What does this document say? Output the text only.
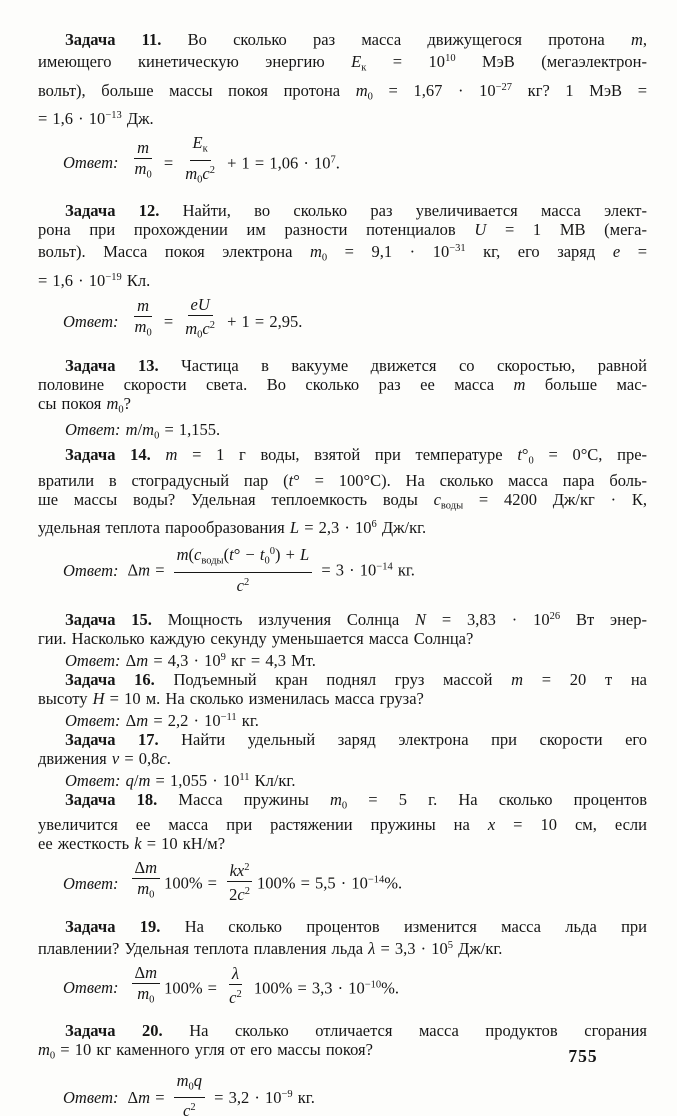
Задача 11. Во сколько раз масса движущегося протона m,
имеющего кинетическую энергию $E_к = 10^{10}$ МэВ (мегаэлектрон-
вольт), больше массы покоя протона $m_0 = 1,67 \cdot 10^{-27}$ кг? 1 МэВ =
= $1,6 \cdot 10^{-13}$ Дж.
Ответ: $\frac{m}{m_0} = \frac{E_к}{m_0c^2} + 1 = 1,06 \cdot 10^7$.
Задача 12. Найти, во сколько раз увеличивается масса элект-
рона при прохождении им разности потенциалов U = 1 МВ (мега-
вольт). Масса покоя электрона $m_0 = 9,1 \cdot 10^{-31}$ кг, его заряд e =
= $1,6 \cdot 10^{-19}$ Кл.
Ответ: $\frac{m}{m_0} = \frac{eU}{m_0c^2} + 1 = 2,95$.
Задача 13. Частица в вакууме движется со скоростью, равной
половине скорости света. Во сколько раз ее масса m больше мас-
сы покоя $m_0$?
Ответ: $m/m_0 = 1,155$.
Задача 14. m = 1 г воды, взятой при температуре $t^\circ_0 = 0^\circ С$, пре-
вратили в стоградусный пар (t° = 100°С). На сколько масса пара боль-
ше массы воды? Удельная теплоемкость воды $c_{воды} = 4200$ Дж/кг · К,
удельная теплота парообразования $L = 2,3 \cdot 10^6$ Дж/кг.
Ответ: $\Delta m = \frac{m(c_{воды}(t^\circ - t_0^0) + L}{c^2} = 3 \cdot 10^{-14}$ кг.
Задача 15. Мощность излучения Солнца $N = 3,83 \cdot 10^{26}$ Вт энер-
гии. Насколько каждую секунду уменьшается масса Солнца?
Ответ: $\Delta m = 4,3 \cdot 10^9$ кг = 4,3 Мт.
Задача 16. Подъемный кран поднял груз массой m = 20 т на
высоту H = 10 м. На сколько изменилась масса груза?
Ответ: $\Delta m = 2,2 \cdot 10^{-11}$ кг.
Задача 17. Найти удельный заряд электрона при скорости его
движения v = 0,8c.
Ответ: $q/m = 1,055 \cdot 10^{11}$ Кл/кг.
Задача 18. Масса пружины $m_0 = 5$ г. На сколько процентов
увеличится ее масса при растяжении пружины на x = 10 см, если
ее жесткость k = 10 кН/м?
Ответ: $\frac{\Delta m}{m_0} 100\% = \frac{kx^2}{2c^2} 100\% = 5,5 \cdot 10^{-14}\%$.
Задача 19. На сколько процентов изменится масса льда при
плавлении? Удельная теплота плавления льда $\lambda = 3,3 \cdot 10^5$ Дж/кг.
Ответ: $\frac{\Delta m}{m_0} 100\% = \frac{\lambda}{c^2} 100\% = 3,3 \cdot 10^{-10}\%$.
Задача 20. На сколько отличается масса продуктов сгорания
$m_0 = 10$ кг каменного угля от его массы покоя?
Ответ: $\Delta m = \frac{m_0q}{c^2} = 3,2 \cdot 10^{-9}$ кг.
755
